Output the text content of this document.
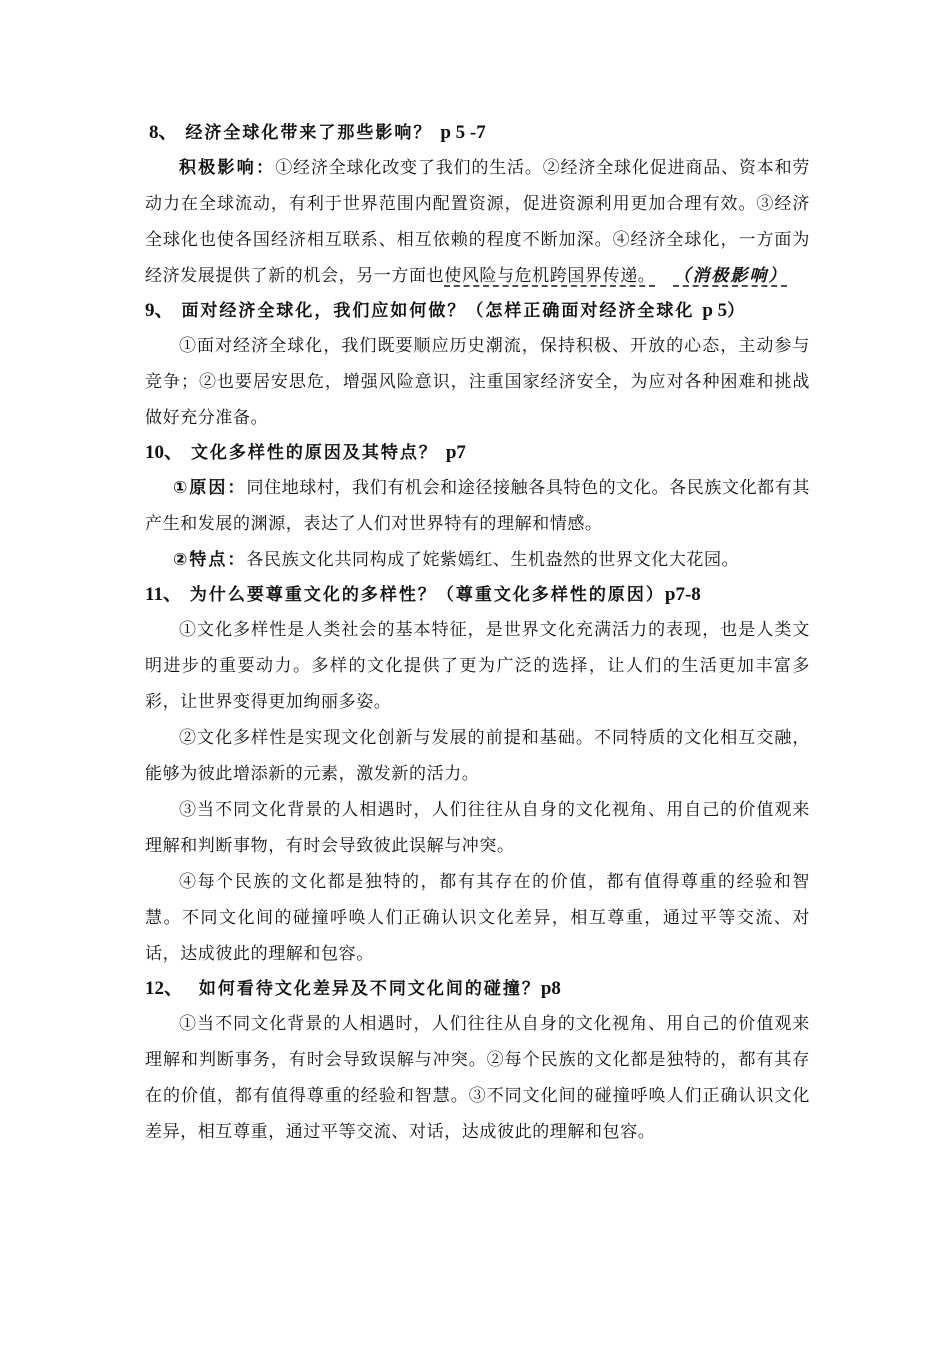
8、 经济全球化带来了那些影响？ p 5 -7
积极影响：①经济全球化改变了我们的生活。②经济全球化促进商品、资本和劳动力在全球流动，有利于世界范围内配置资源，促进资源利用更加合理有效。③经济全球化也使各国经济相互联系、相互依赖的程度不断加深。④经济全球化，一方面为经济发展提供了新的机会，另一方面也使风险与危机跨国界传递。 （消极影响）
9、 面对经济全球化，我们应如何做？（怎样正确面对经济全球化 p 5）
①面对经济全球化，我们既要顺应历史潮流，保持积极、开放的心态，主动参与竞争；②也要居安思危，增强风险意识，注重国家经济安全，为应对各种困难和挑战做好充分准备。
10、 文化多样性的原因及其特点？ p7
①原因：同住地球村，我们有机会和途径接触各具特色的文化。各民族文化都有其产生和发展的渊源，表达了人们对世界特有的理解和情感。
②特点：各民族文化共同构成了姹紫嫣红、生机盎然的世界文化大花园。
11、 为什么要尊重文化的多样性？（尊重文化多样性的原因）p7-8
①文化多样性是人类社会的基本特征，是世界文化充满活力的表现，也是人类文明进步的重要动力。多样的文化提供了更为广泛的选择，让人们的生活更加丰富多彩，让世界变得更加绚丽多姿。
②文化多样性是实现文化创新与发展的前提和基础。不同特质的文化相互交融，能够为彼此增添新的元素，激发新的活力。
③当不同文化背景的人相遇时，人们往往从自身的文化视角、用自己的价值观来理解和判断事物，有时会导致彼此误解与冲突。
④每个民族的文化都是独特的，都有其存在的价值，都有值得尊重的经验和智慧。不同文化间的碰撞呼唤人们正确认识文化差异，相互尊重，通过平等交流、对话，达成彼此的理解和包容。
12、 如何看待文化差异及不同文化间的碰撞？p8
①当不同文化背景的人相遇时，人们往往从自身的文化视角、用自己的价值观来理解和判断事务，有时会导致误解与冲突。②每个民族的文化都是独特的，都有其存在的价值，都有值得尊重的经验和智慧。③不同文化间的碰撞呼唤人们正确认识文化差异，相互尊重，通过平等交流、对话，达成彼此的理解和包容。
